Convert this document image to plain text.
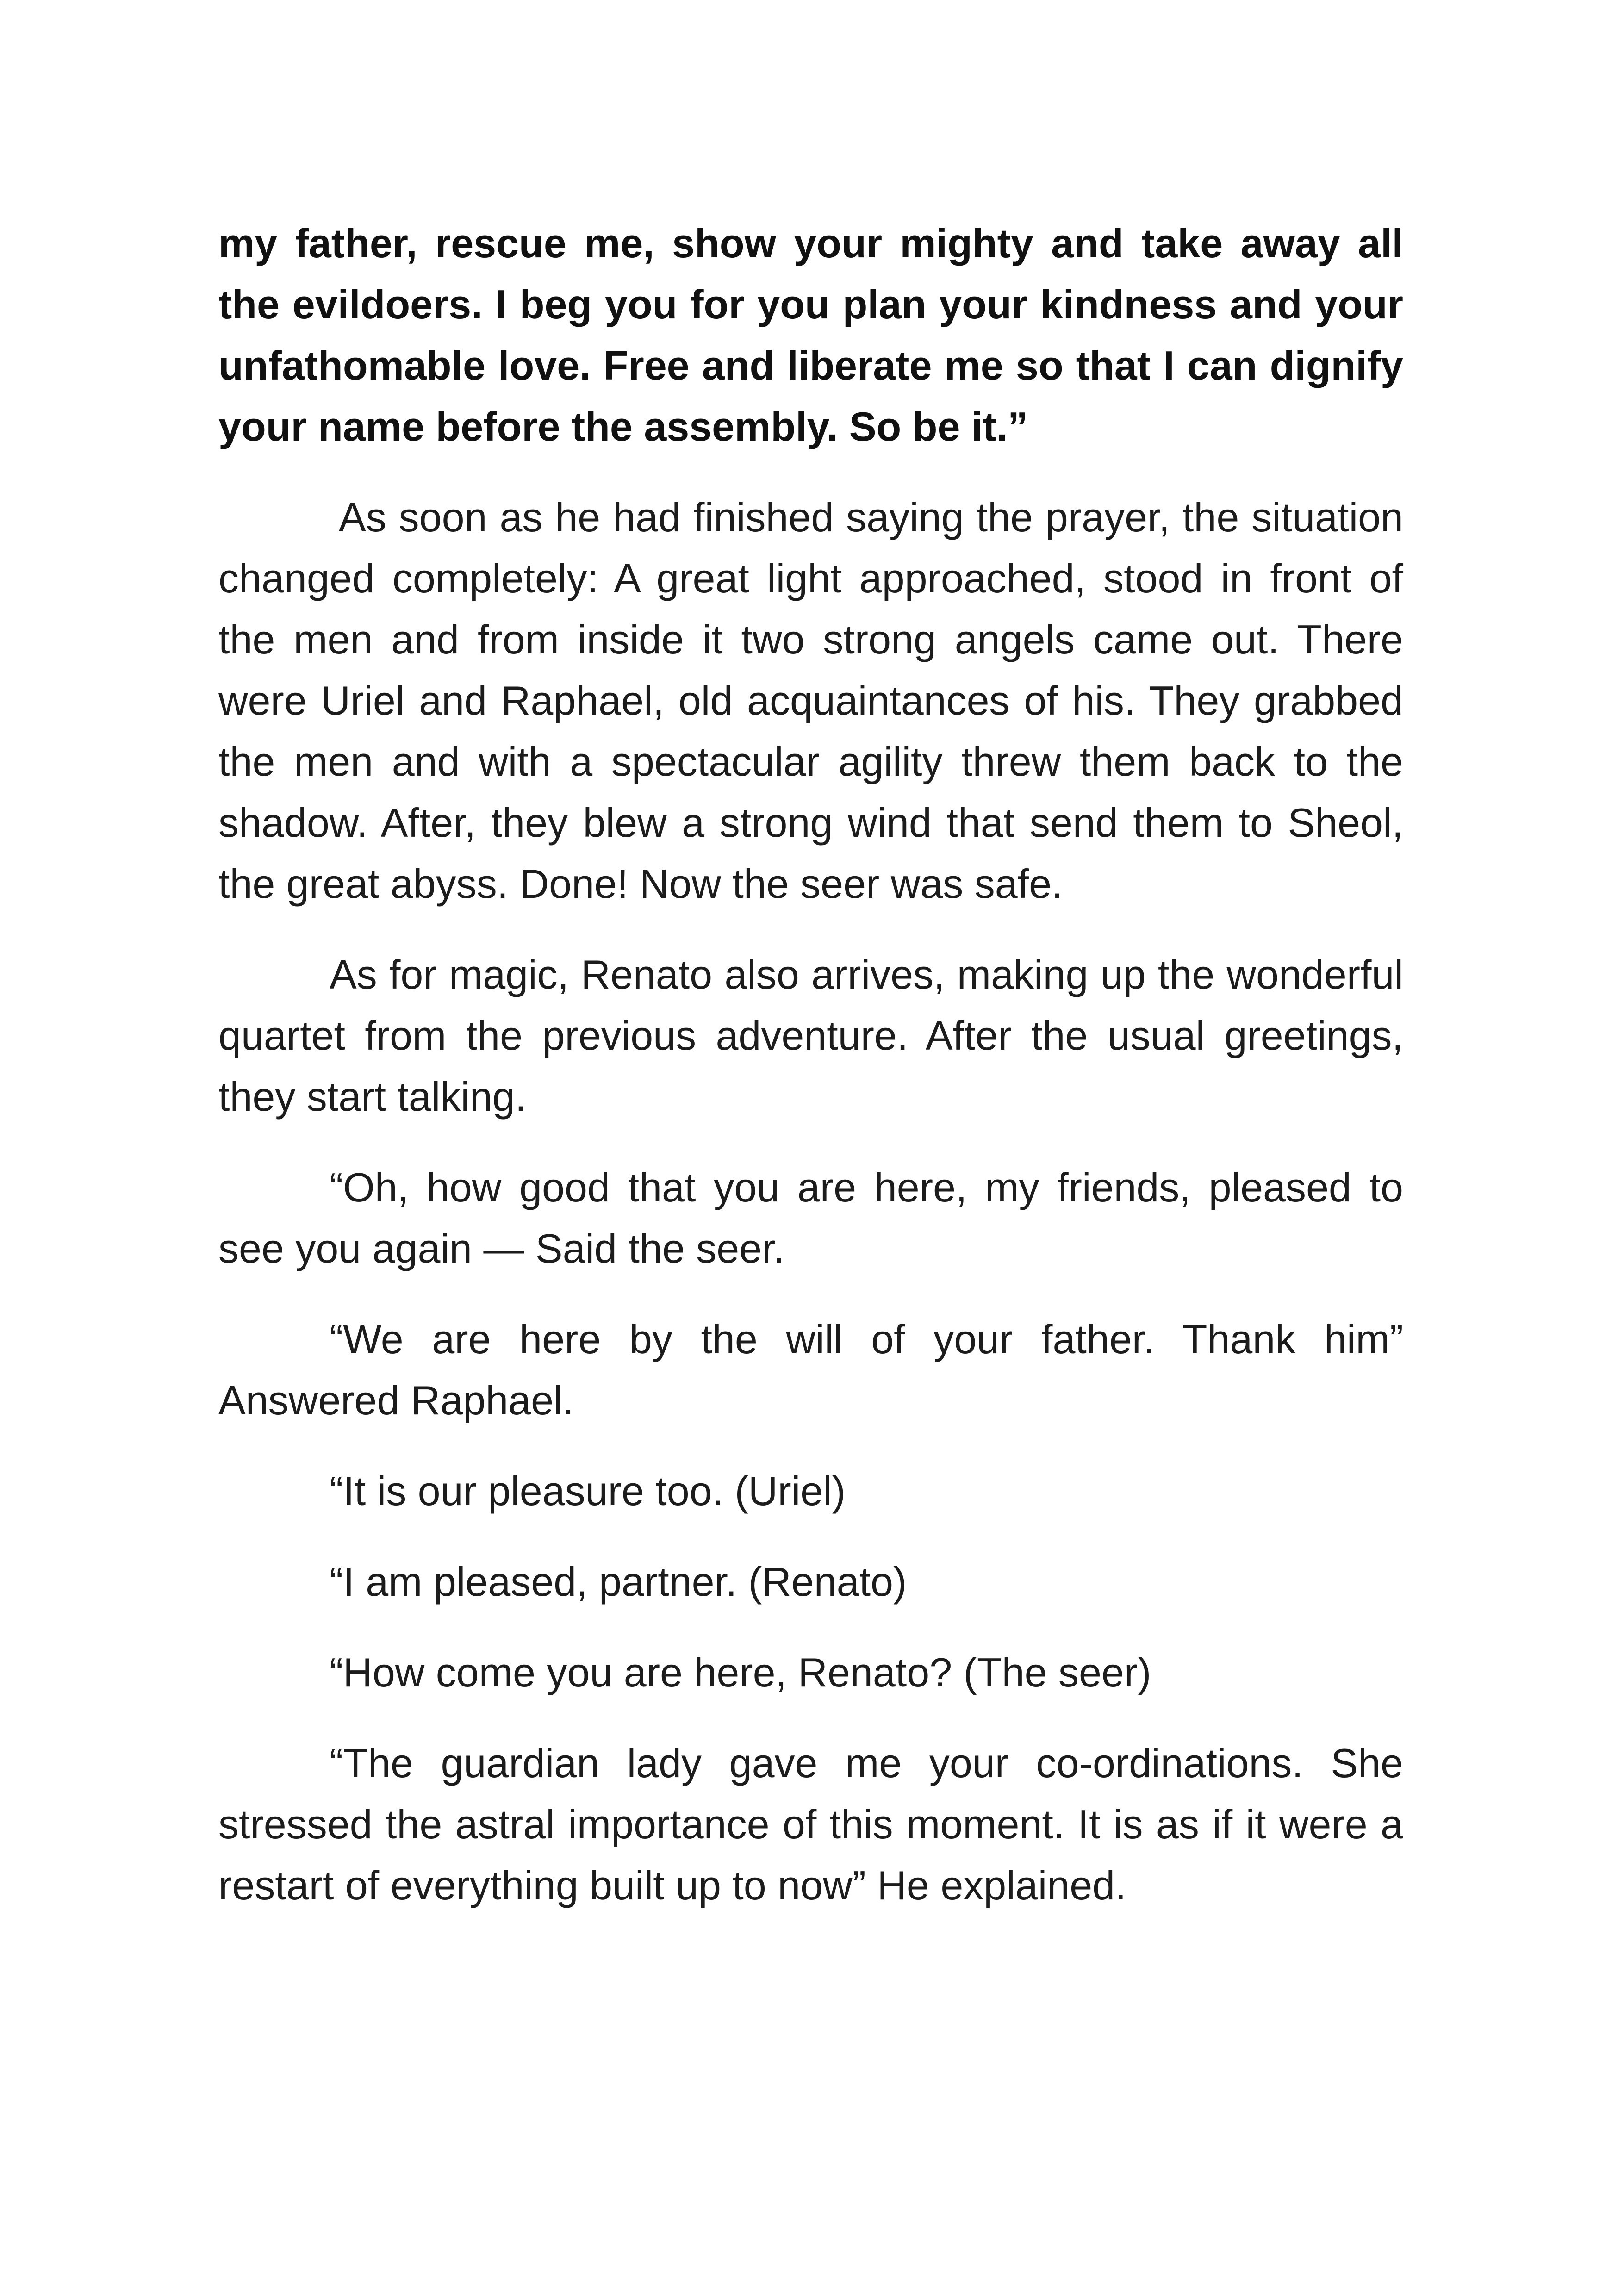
my father, rescue me, show your mighty and take away all the evildoers. I beg you for you plan your kindness and your unfathomable love. Free and liberate me so that I can dignify your name before the assembly. So be it.”

As soon as he had finished saying the prayer, the situation changed completely: A great light approached, stood in front of the men and from inside it two strong angels came out. There were Uriel and Raphael, old acquaintances of his. They grabbed the men and with a spectacular agility threw them back to the shadow. After, they blew a strong wind that send them to Sheol, the great abyss. Done! Now the seer was safe.

As for magic, Renato also arrives, making up the wonderful quartet from the previous adventure. After the usual greetings, they start talking.

“Oh, how good that you are here, my friends, pleased to see you again — Said the seer.

“We are here by the will of your father. Thank him” Answered Raphael.

“It is our pleasure too. (Uriel)

“I am pleased, partner. (Renato)

“How come you are here, Renato? (The seer)

“The guardian lady gave me your co-ordinations. She stressed the astral importance of this moment. It is as if it were a restart of everything built up to now” He explained.
